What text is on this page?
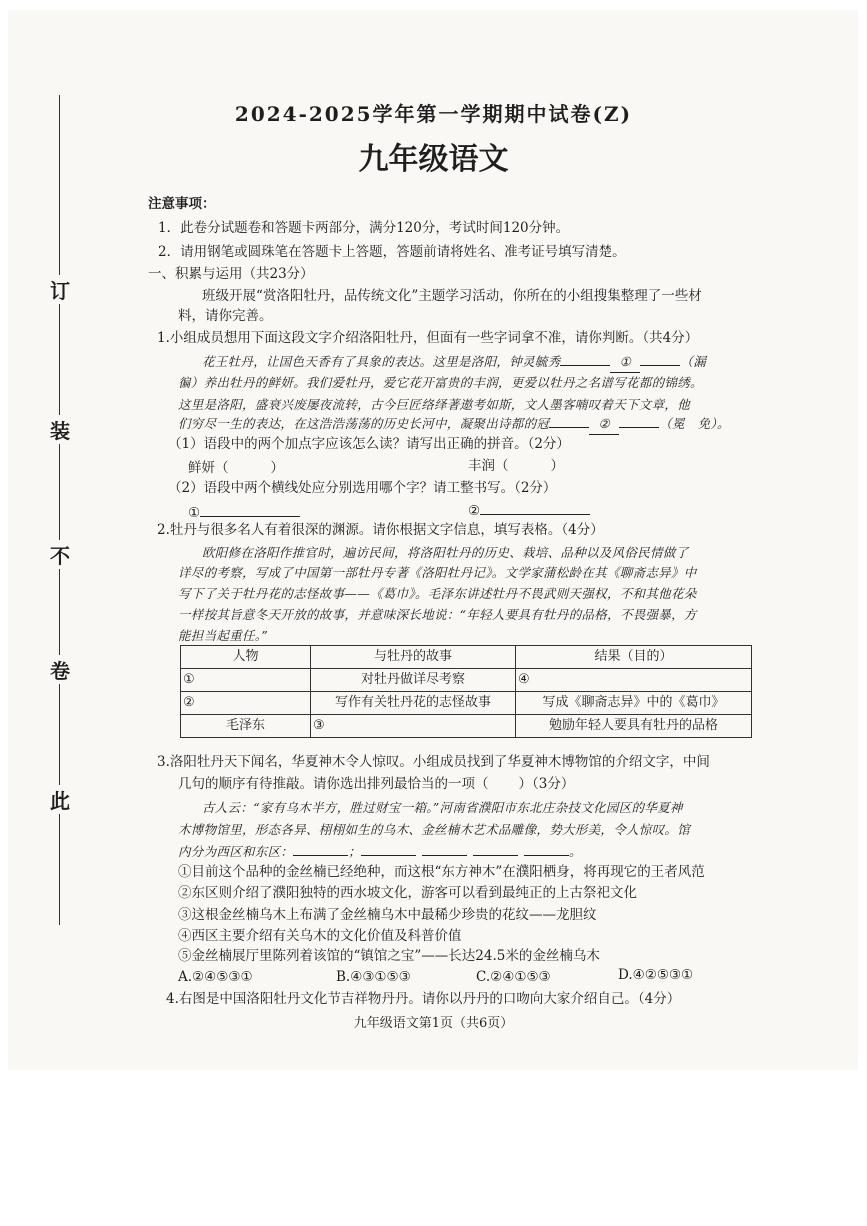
订
装
不
卷
此
2024-2025学年第一学期期中试卷(Z)
九年级语文
注意事项：
1．此卷分试题卷和答题卡两部分，满分120分，考试时间120分钟。
2．请用钢笔或圆珠笔在答题卡上答题，答题前请将姓名、准考证号填写清楚。
一、积累与运用（共23分）
班级开展“赏洛阳牡丹，品传统文化”主题学习活动，你所在的小组搜集整理了一些材
料，请你完善。
1.小组成员想用下面这段文字介绍洛阳牡丹，但面有一些字词拿不准，请你判断。（共4分）
花王牡丹，让国色天香有了具象的表达。这里是洛阳，钟灵毓秀	①	（漏
徧）养出牡丹的鲜妍。我们爱牡丹，爱它花开富贵的丰润，更爱以牡丹之名谱写花都的锦绣。
这里是洛阳，盛衰兴废屡夜流转，古今巨匠络绎著遨考如斯，文人墨客喃叹着天下文章，他
们穷尽一生的表达，在这浩浩荡荡的历史长河中，凝聚出诗都的冠	②	（冕　免）。
（1）语段中的两个加点字应该怎么读？请写出正确的拼音。（2分）
鲜妍（	）	丰润（	）
（2）语段中两个横线处应分别选用哪个字？请工整书写。（2分）
①	②
2.牡丹与很多名人有着很深的渊源。请你根据文字信息，填写表格。（4分）
欧阳修在洛阳作推官时，遍访民间，将洛阳牡丹的历史、栽培、品种以及风俗民情做了
详尽的考察，写成了中国第一部牡丹专著《洛阳牡丹记》。文学家蒲松龄在其《聊斋志异》中
写下了关于牡丹花的志怪故事——《葛巾》。毛泽东讲述牡丹不畏武则天强权，不和其他花朵
一样按其旨意冬天开放的故事，并意味深长地说：“年轻人要具有牡丹的品格，不畏强暴，方
能担当起重任。”
人物	与牡丹的故事	结果（目的）
①	对牡丹做详尽考察	④
②	写作有关牡丹花的志怪故事	写成《聊斋志异》中的《葛巾》
毛泽东	③	勉励年轻人要具有牡丹的品格
3.洛阳牡丹天下闻名，华夏神木令人惊叹。小组成员找到了华夏神木博物馆的介绍文字，中间
几句的顺序有待推敲。请你选出排列最恰当的一项（ ）（3分）
古人云：“家有乌木半方，胜过财宝一箱。”河南省濮阳市东北庄杂技文化园区的华夏神
木博物馆里，形态各异、栩栩如生的乌木、金丝楠木艺术品雕像，势大形美，令人惊叹。馆
内分为西区和东区：	；	。
①目前这个品种的金丝楠已经绝种，而这根“东方神木”在濮阳栖身，将再现它的王者风范
②东区则介绍了濮阳独特的西水坡文化，游客可以看到最纯正的上古祭祀文化
③这根金丝楠乌木上布满了金丝楠乌木中最稀少珍贵的花纹——龙胆纹
④西区主要介绍有关乌木的文化价值及科普价值
⑤金丝楠展厅里陈列着该馆的“镇馆之宝”——长达24.5米的金丝楠乌木
A.②④⑤③①	B.④③①⑤③	C.②④①⑤③	D.④②⑤③①
4.右图是中国洛阳牡丹文化节吉祥物丹丹。请你以丹丹的口吻向大家介绍自己。（4分）
九年级语文第1页（共6页）
